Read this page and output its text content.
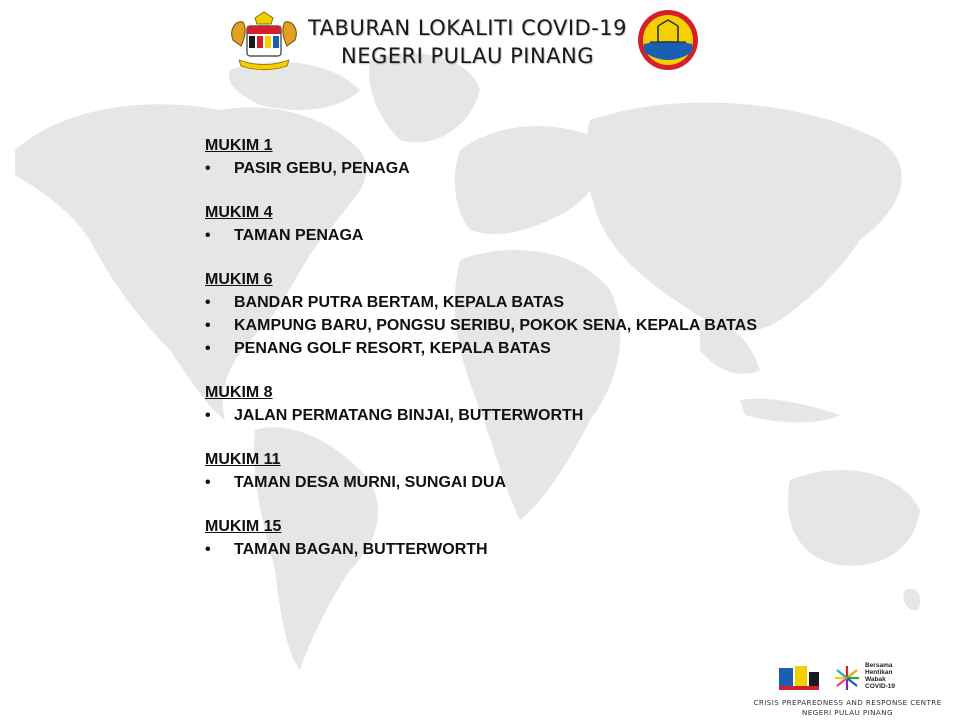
TABURAN LOKALITI COVID-19
NEGERI PULAU PINANG
MUKIM 1
•	PASIR GEBU, PENAGA
MUKIM 4
•	TAMAN PENAGA
MUKIM 6
•	BANDAR PUTRA BERTAM, KEPALA BATAS
•	KAMPUNG BARU, PONGSU SERIBU, POKOK SENA, KEPALA BATAS
•	PENANG GOLF RESORT, KEPALA BATAS
MUKIM 8
•	JALAN PERMATANG BINJAI, BUTTERWORTH
MUKIM 11
•	TAMAN DESA MURNI, SUNGAI DUA
MUKIM 15
•	TAMAN BAGAN, BUTTERWORTH
Bersama
Hentikan
Wabak
COVID-19
CRISIS PREPAREDNESS AND RESPONSE CENTRE
NEGERI PULAU PINANG
